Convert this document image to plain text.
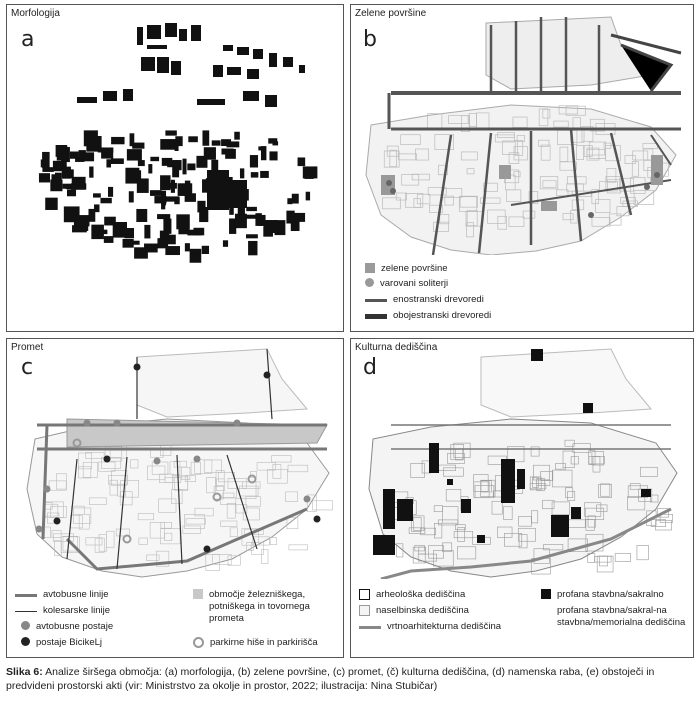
Morfologija
a
Zelene površine
b
zelene površine
varovani soliterji
enostranski drevoredi
obojestranski drevoredi
Promet
c
avtobusne linije
kolesarske linije
avtobusne postaje
postaje BicikeLj
območje železniškega, potniškega in tovornega prometa
parkirne hiše in parkirišča
Kulturna dediščina
d
arheološka dediščina
naselbinska dediščina
vrtnoarhitekturna dediščina
profana stavbna/sakralno
profana stavbna/sakral-na stavbna/memorialna dediščina
Slika 6: Analize širšega območja: (a) morfologija, (b) zelene površine, (c) promet, (č) kulturna dediščina, (d) namenska raba, (e) obstoječi in predvideni prostorski akti (vir: Ministrstvo za okolje in prostor, 2022; ilustracija: Nina Stubičar)
